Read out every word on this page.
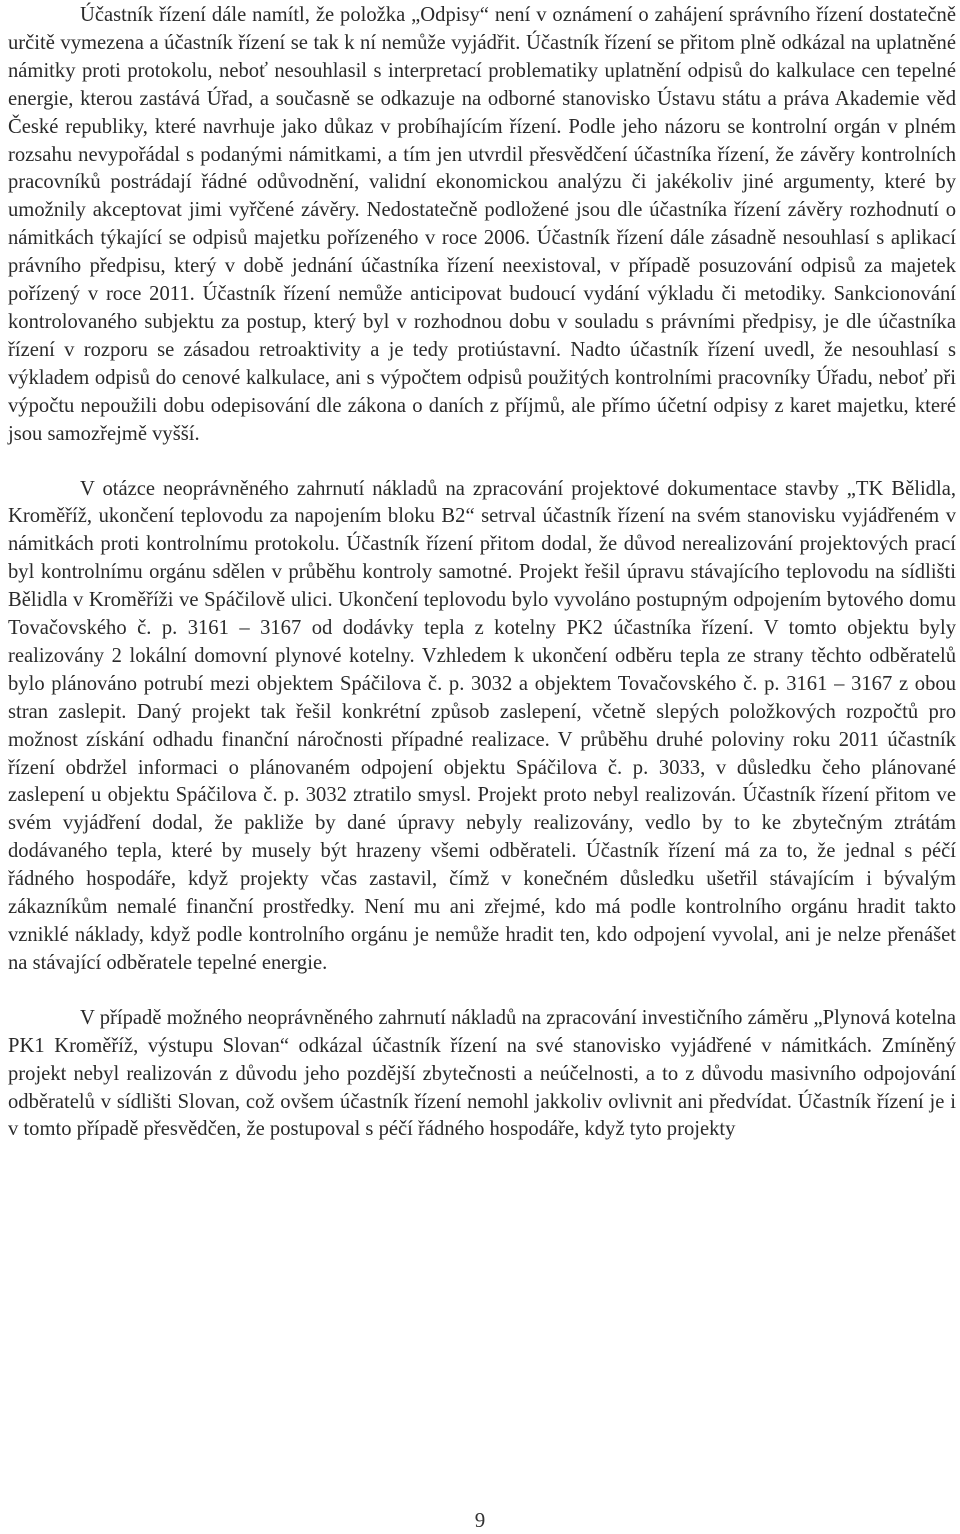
Účastník řízení dále namítl, že položka „Odpisy“ není v oznámení o zahájení správního řízení dostatečně určitě vymezena a účastník řízení se tak k ní nemůže vyjádřit. Účastník řízení se přitom plně odkázal na uplatněné námitky proti protokolu, neboť nesouhlasil s interpretací problematiky uplatnění odpisů do kalkulace cen tepelné energie, kterou zastává Úřad, a současně se odkazuje na odborné stanovisko Ústavu státu a práva Akademie věd České republiky, které navrhuje jako důkaz v probíhajícím řízení. Podle jeho názoru se kontrolní orgán v plném rozsahu nevypořádal s podanými námitkami, a tím jen utvrdil přesvědčení účastníka řízení, že závěry kontrolních pracovníků postrádají řádné odůvodnění, validní ekonomickou analýzu či jakékoliv jiné argumenty, které by umožnily akceptovat jimi vyřčené závěry. Nedostatečně podložené jsou dle účastníka řízení závěry rozhodnutí o námitkách týkající se odpisů majetku pořízeného v roce 2006. Účastník řízení dále zásadně nesouhlasí s aplikací právního předpisu, který v době jednání účastníka řízení neexistoval, v případě posuzování odpisů za majetek pořízený v roce 2011. Účastník řízení nemůže anticipovat budoucí vydání výkladu či metodiky. Sankcionování kontrolovaného subjektu za postup, který byl v rozhodnou dobu v souladu s právními předpisy, je dle účastníka řízení v rozporu se zásadou retroaktivity a je tedy protiústavní. Nadto účastník řízení uvedl, že nesouhlasí s výkladem odpisů do cenové kalkulace, ani s výpočtem odpisů použitých kontrolními pracovníky Úřadu, neboť při výpočtu nepoužili dobu odepisování dle zákona o daních z příjmů, ale přímo účetní odpisy z karet majetku, které jsou samozřejmě vyšší.

V otázce neoprávněného zahrnutí nákladů na zpracování projektové dokumentace stavby „TK Bělidla, Kroměříž, ukončení teplovodu za napojením bloku B2“ setrval účastník řízení na svém stanovisku vyjádřeném v námitkách proti kontrolnímu protokolu. Účastník řízení přitom dodal, že důvod nerealizování projektových prací byl kontrolnímu orgánu sdělen v průběhu kontroly samotné. Projekt řešil úpravu stávajícího teplovodu na sídlišti Bělidla v Kroměříži ve Spáčilově ulici. Ukončení teplovodu bylo vyvoláno postupným odpojením bytového domu Tovačovského č. p. 3161 – 3167 od dodávky tepla z kotelny PK2 účastníka řízení. V tomto objektu byly realizovány 2 lokální domovní plynové kotelny. Vzhledem k ukončení odběru tepla ze strany těchto odběratelů bylo plánováno potrubí mezi objektem Spáčilova č. p. 3032 a objektem Tovačovského č. p. 3161 – 3167 z obou stran zaslepit. Daný projekt tak řešil konkrétní způsob zaslepení, včetně slepých položkových rozpočtů pro možnost získání odhadu finanční náročnosti případné realizace. V průběhu druhé poloviny roku 2011 účastník řízení obdržel informaci o plánovaném odpojení objektu Spáčilova č. p. 3033, v důsledku čeho plánované zaslepení u objektu Spáčilova č. p. 3032 ztratilo smysl. Projekt proto nebyl realizován. Účastník řízení přitom ve svém vyjádření dodal, že pakliže by dané úpravy nebyly realizovány, vedlo by to ke zbytečným ztrátám dodávaného tepla, které by musely být hrazeny všemi odběrateli. Účastník řízení má za to, že jednal s péčí řádného hospodáře, když projekty včas zastavil, čímž v konečném důsledku ušetřil stávajícím i bývalým zákazníkům nemalé finanční prostředky. Není mu ani zřejmé, kdo má podle kontrolního orgánu hradit takto vzniklé náklady, když podle kontrolního orgánu je nemůže hradit ten, kdo odpojení vyvolal, ani je nelze přenášet na stávající odběratele tepelné energie.

V případě možného neoprávněného zahrnutí nákladů na zpracování investičního záměru „Plynová kotelna PK1 Kroměříž, výstupu Slovan“ odkázal účastník řízení na své stanovisko vyjádřené v námitkách. Zmíněný projekt nebyl realizován z důvodu jeho pozdější zbytečnosti a neúčelnosti, a to z důvodu masivního odpojování odběratelů v sídlišti Slovan, což ovšem účastník řízení nemohl jakkoliv ovlivnit ani předvídat. Účastník řízení je i v tomto případě přesvědčen, že postupoval s péčí řádného hospodáře, když tyto projekty

9
